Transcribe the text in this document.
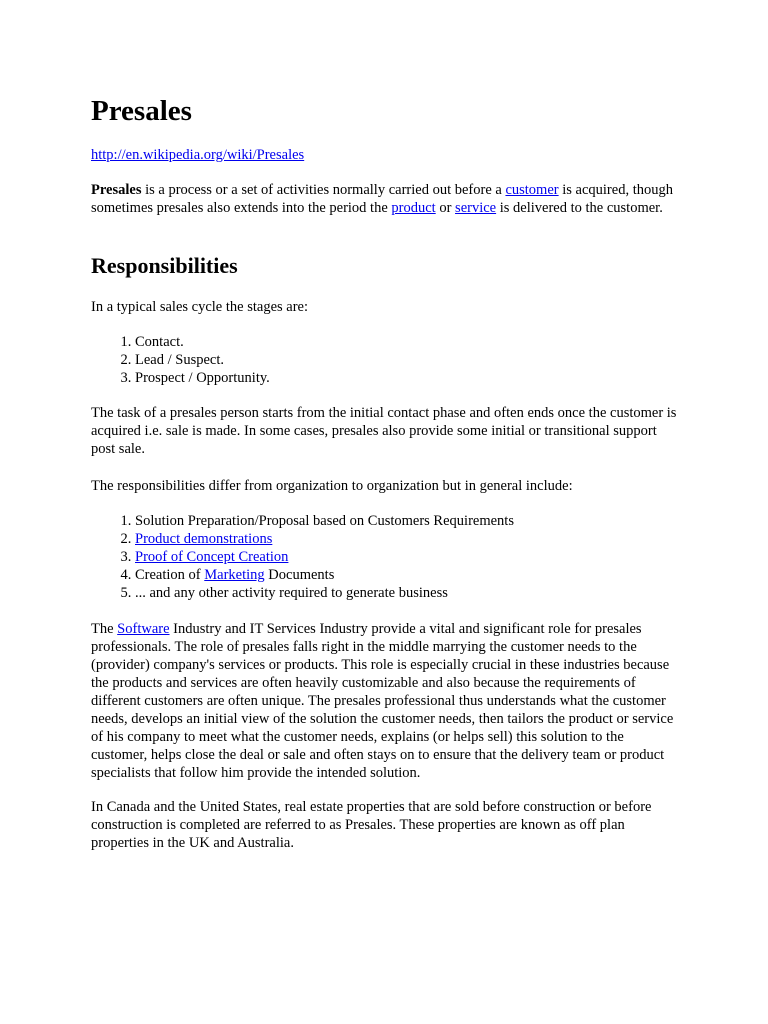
Presales

http://en.wikipedia.org/wiki/Presales

Presales is a process or a set of activities normally carried out before a customer is acquired, though sometimes presales also extends into the period the product or service is delivered to the customer.

Responsibilities

In a typical sales cycle the stages are:

1. Contact.
2. Lead / Suspect.
3. Prospect / Opportunity.

The task of a presales person starts from the initial contact phase and often ends once the customer is acquired i.e. sale is made. In some cases, presales also provide some initial or transitional support post sale.

The responsibilities differ from organization to organization but in general include:

1. Solution Preparation/Proposal based on Customers Requirements
2. Product demonstrations
3. Proof of Concept Creation
4. Creation of Marketing Documents
5. ... and any other activity required to generate business

The Software Industry and IT Services Industry provide a vital and significant role for presales professionals. The role of presales falls right in the middle marrying the customer needs to the (provider) company's services or products. This role is especially crucial in these industries because the products and services are often heavily customizable and also because the requirements of different customers are often unique. The presales professional thus understands what the customer needs, develops an initial view of the solution the customer needs, then tailors the product or service of his company to meet what the customer needs, explains (or helps sell) this solution to the customer, helps close the deal or sale and often stays on to ensure that the delivery team or product specialists that follow him provide the intended solution.

In Canada and the United States, real estate properties that are sold before construction or before construction is completed are referred to as Presales. These properties are known as off plan properties in the UK and Australia.
